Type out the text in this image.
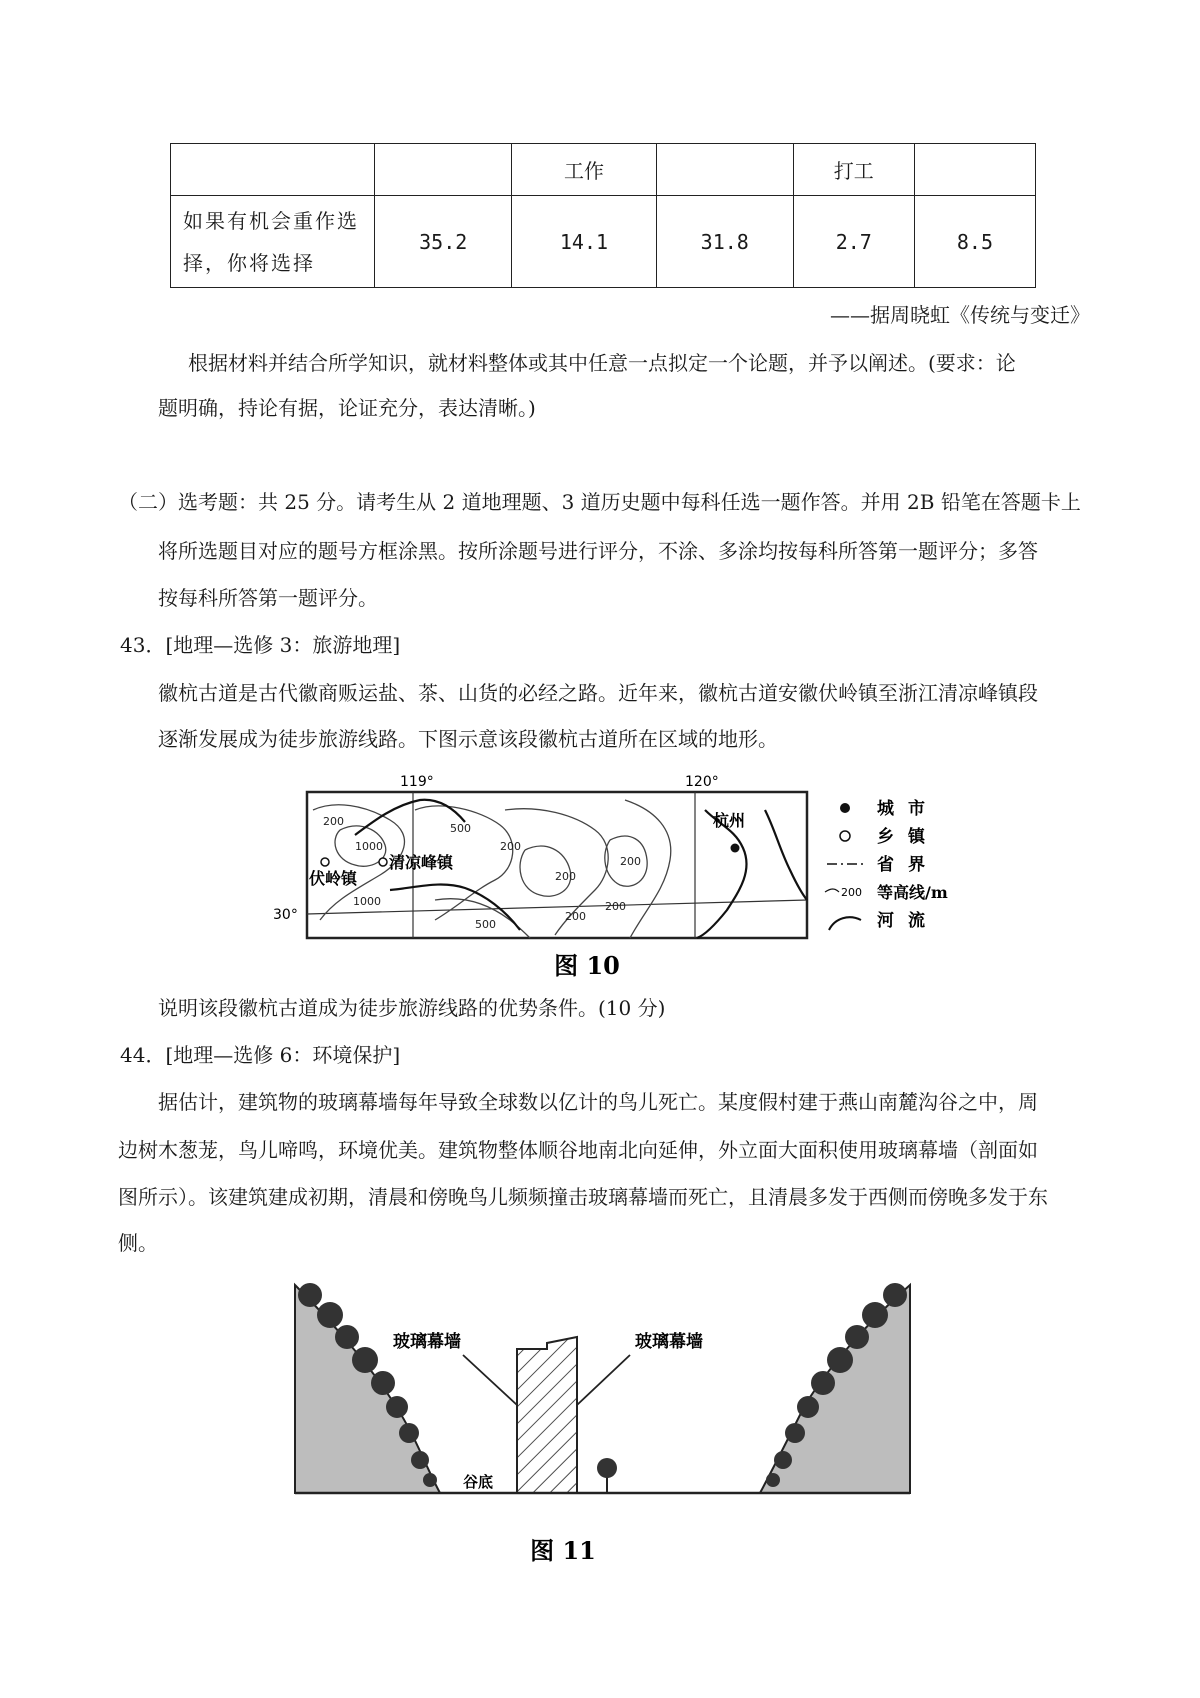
		工作		打工	

如果有机会重作选
择，你将选择	35.2	14.1	31.8	2.7	8.5
——据周晓虹《传统与变迁》
根据材料并结合所学知识，就材料整体或其中任意一点拟定一个论题，并予以阐述。(要求：论
题明确，持论有据，论证充分，表达清晰。)
（二）选考题：共 25 分。请考生从 2 道地理题、3 道历史题中每科任选一题作答。并用 2B 铅笔在答题卡上
将所选题目对应的题号方框涂黑。按所涂题号进行评分，不涂、多涂均按每科所答第一题评分；多答
按每科所答第一题评分。
43．[地理—选修 3：旅游地理]
徽杭古道是古代徽商贩运盐、茶、山货的必经之路。近年来，徽杭古道安徽伏岭镇至浙江清凉峰镇段
逐渐发展成为徒步旅游线路。下图示意该段徽杭古道所在区域的地形。
119°	120°
30°
200
1000
500
200
1000
200
200
200
200
500
清凉峰镇
伏岭镇
杭州
200
城市
乡镇
省界
等高线/m
河流
图 10
说明该段徽杭古道成为徒步旅游线路的优势条件。(10 分)
44．[地理—选修 6：环境保护]
据估计，建筑物的玻璃幕墙每年导致全球数以亿计的鸟儿死亡。某度假村建于燕山南麓沟谷之中，周
边树木葱茏，鸟儿啼鸣，环境优美。建筑物整体顺谷地南北向延伸，外立面大面积使用玻璃幕墙（剖面如
图所示）。该建筑建成初期，清晨和傍晚鸟儿频频撞击玻璃幕墙而死亡，且清晨多发于西侧而傍晚多发于东
侧。
玻璃幕墙	玻璃幕墙
谷底
图 11
